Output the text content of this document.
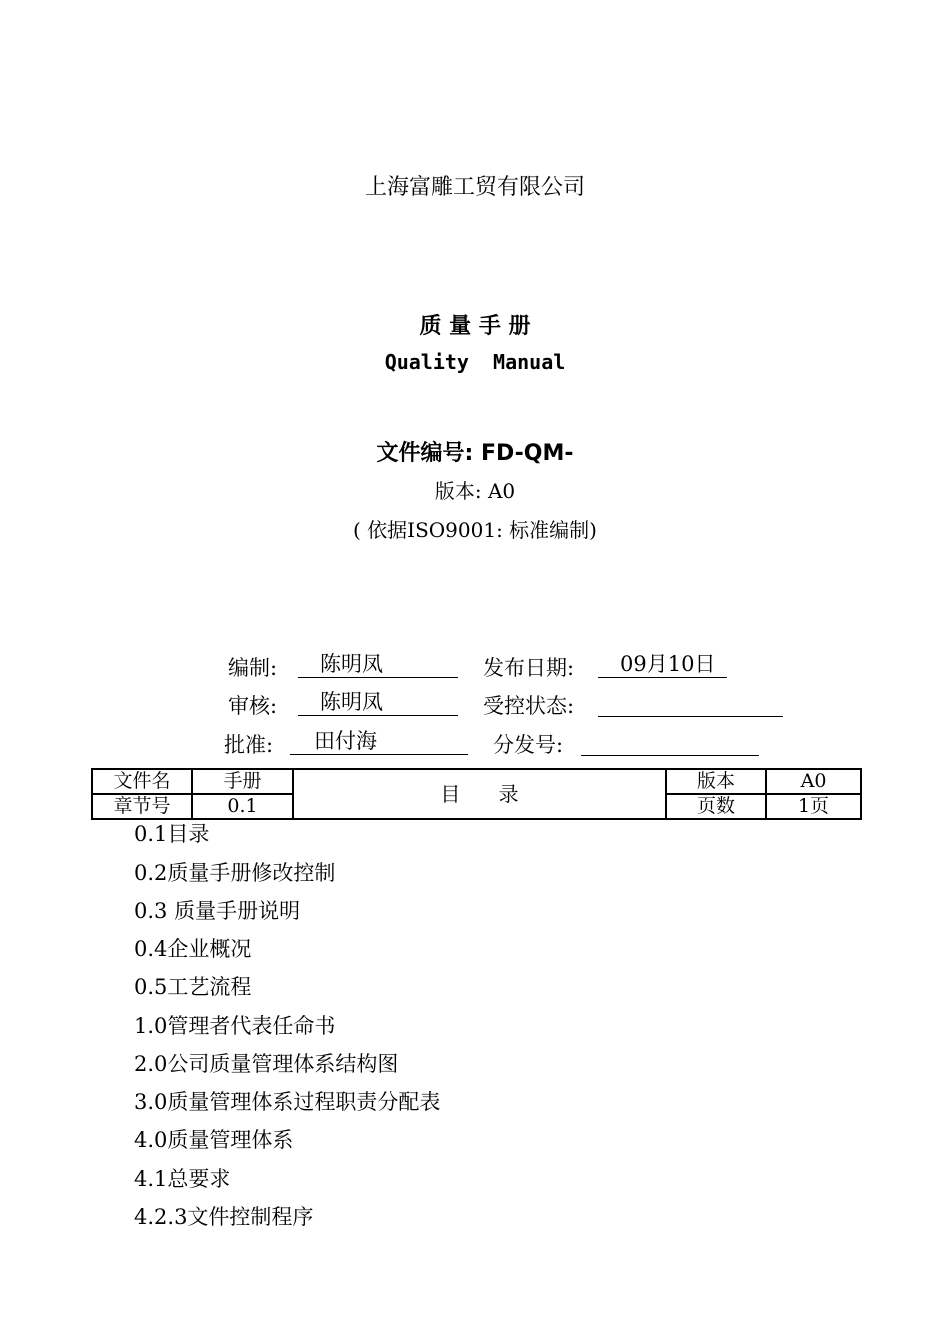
上海富雕工贸有限公司
质 量 手 册
Quality  Manual
文件编号: FD-QM-
版本: A0
( 依据ISO9001: 标准编制)
编制:	陈明凤	发布日期:	09月10日
审核:	陈明凤	受控状态:
批准:	田付海	分发号:
文件名	手册	目      录	版本	A0
章节号	0.1		页数	1页
0.1目录
0.2质量手册修改控制
0.3 质量手册说明
0.4企业概况
0.5工艺流程
1.0管理者代表任命书
2.0公司质量管理体系结构图
3.0质量管理体系过程职责分配表
4.0质量管理体系
4.1总要求
4.2.3文件控制程序
